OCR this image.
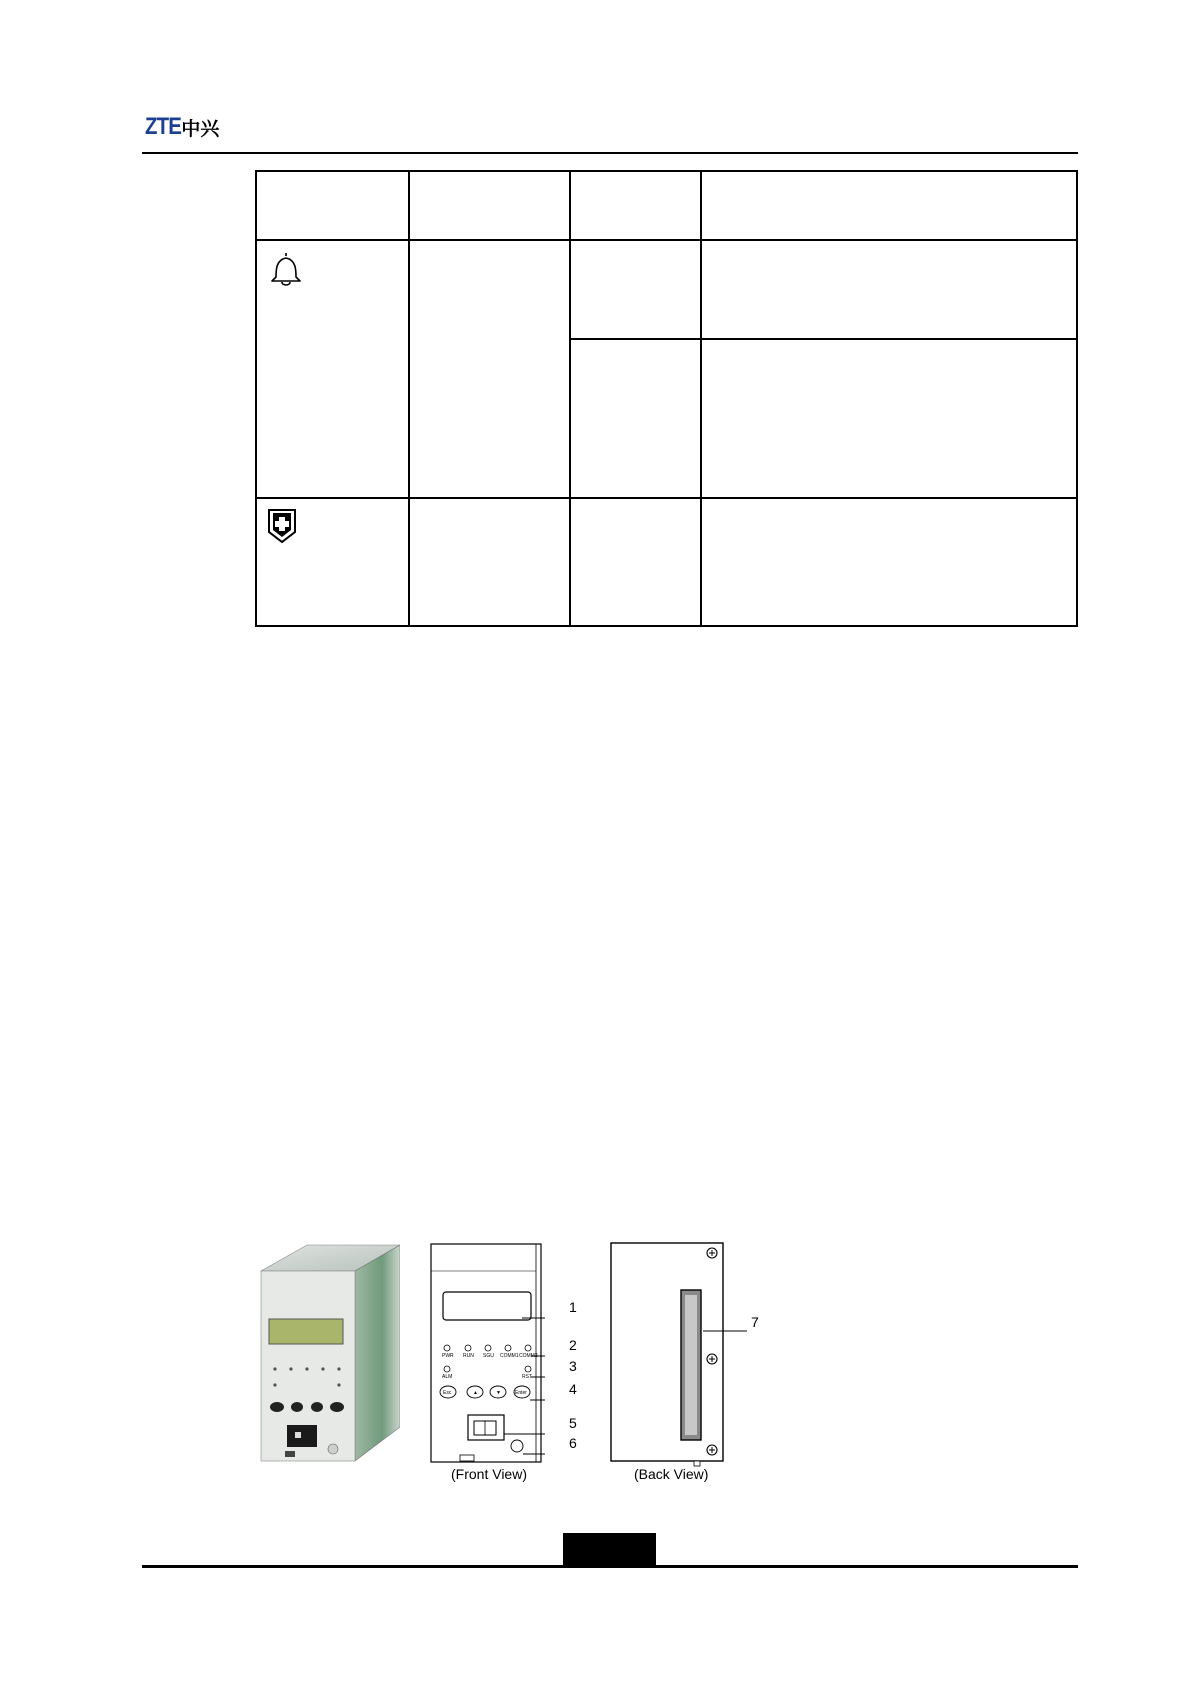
ZTE 中兴
PWR RUN SGU COMM1 COMM2
ALM	RST
Esc	▲	▼	Enter
1
2
3
4
5
6
7
(Front View)	(Back View)
